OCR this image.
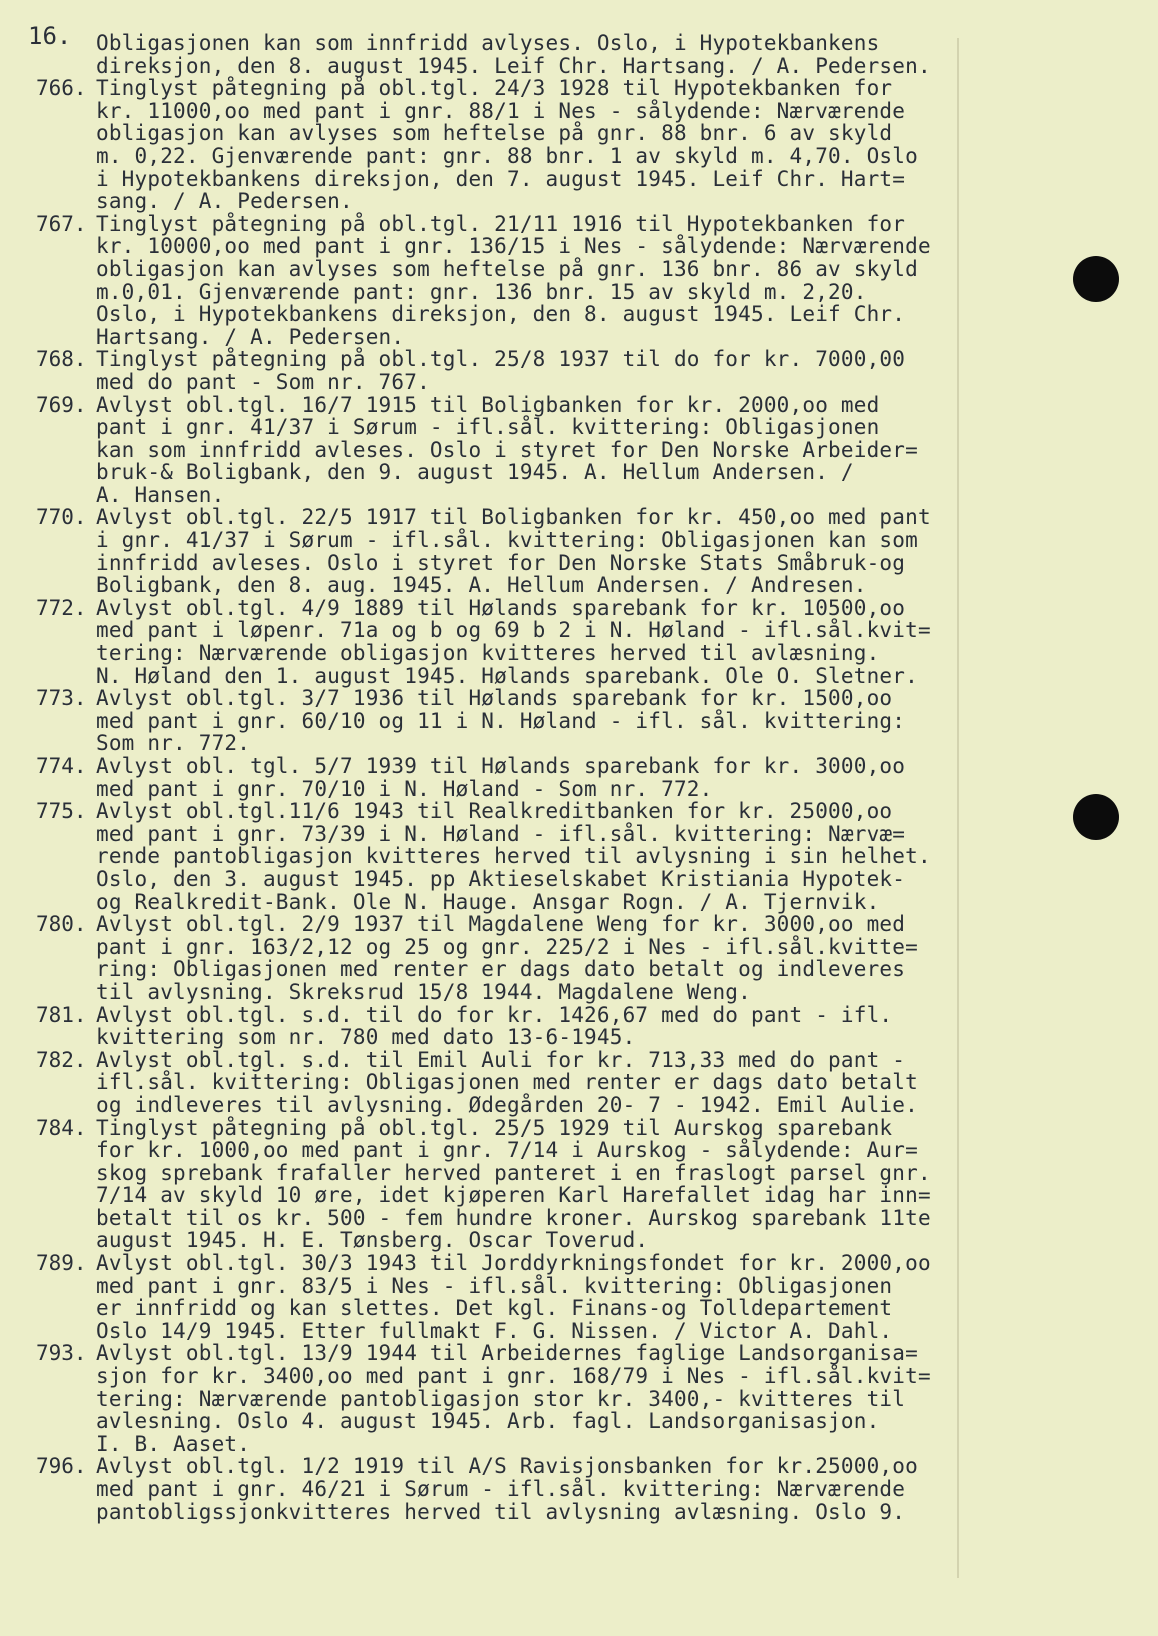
16. Obligasjonen kan som innfridd avlyses. Oslo, i Hypotekbankens
direksjon, den 8. august 1945. Leif Chr. Hartsang. / A. Pedersen.
766. Tinglyst påtegning på obl.tgl. 24/3 1928 til Hypotekbanken for
kr. 11000,oo med pant i gnr. 88/1 i Nes - sålydende: Nærværende
obligasjon kan avlyses som heftelse på gnr. 88 bnr. 6 av skyld
m. 0,22. Gjenværende pant: gnr. 88 bnr. 1 av skyld m. 4,70. Oslo
i Hypotekbankens direksjon, den 7. august 1945. Leif Chr. Hart=
sang. / A. Pedersen.
767. Tinglyst påtegning på obl.tgl. 21/11 1916 til Hypotekbanken for
kr. 10000,oo med pant i gnr. 136/15 i Nes - sålydende: Nærværende
obligasjon kan avlyses som heftelse på gnr. 136 bnr. 86 av skyld
m.0,01. Gjenværende pant: gnr. 136 bnr. 15 av skyld m. 2,20.
Oslo, i Hypotekbankens direksjon, den 8. august 1945. Leif Chr.
Hartsang. / A. Pedersen.
768. Tinglyst påtegning på obl.tgl. 25/8 1937 til do for kr. 7000,00
med do pant - Som nr. 767.
769. Avlyst obl.tgl. 16/7 1915 til Boligbanken for kr. 2000,oo med
pant i gnr. 41/37 i Sørum - ifl.sål. kvittering: Obligasjonen
kan som innfridd avleses. Oslo i styret for Den Norske Arbeider=
bruk-& Boligbank, den 9. august 1945. A. Hellum Andersen. /
A. Hansen.
770. Avlyst obl.tgl. 22/5 1917 til Boligbanken for kr. 450,oo med pant
i gnr. 41/37 i Sørum - ifl.sål. kvittering: Obligasjonen kan som
innfridd avleses. Oslo i styret for Den Norske Stats Småbruk-og
Boligbank, den 8. aug. 1945. A. Hellum Andersen. / Andresen.
772. Avlyst obl.tgl. 4/9 1889 til Hølands sparebank for kr. 10500,oo
med pant i løpenr. 71a og b og 69 b 2 i N. Høland - ifl.sål.kvit=
tering: Nærværende obligasjon kvitteres herved til avlæsning.
N. Høland den 1. august 1945. Hølands sparebank. Ole O. Sletner.
773. Avlyst obl.tgl. 3/7 1936 til Hølands sparebank for kr. 1500,oo
med pant i gnr. 60/10 og 11 i N. Høland - ifl. sål. kvittering:
Som nr. 772.
774. Avlyst obl. tgl. 5/7 1939 til Hølands sparebank for kr. 3000,oo
med pant i gnr. 70/10 i N. Høland - Som nr. 772.
775. Avlyst obl.tgl.11/6 1943 til Realkreditbanken for kr. 25000,oo
med pant i gnr. 73/39 i N. Høland - ifl.sål. kvittering: Nærvæ=
rende pantobligasjon kvitteres herved til avlysning i sin helhet.
Oslo, den 3. august 1945. pp Aktieselskabet Kristiania Hypotek-
og Realkredit-Bank. Ole N. Hauge. Ansgar Rogn. / A. Tjernvik.
780. Avlyst obl.tgl. 2/9 1937 til Magdalene Weng for kr. 3000,oo med
pant i gnr. 163/2,12 og 25 og gnr. 225/2 i Nes - ifl.sål.kvitte=
ring: Obligasjonen med renter er dags dato betalt og indleveres
til avlysning. Skreksrud 15/8 1944. Magdalene Weng.
781. Avlyst obl.tgl. s.d. til do for kr. 1426,67 med do pant - ifl.
kvittering som nr. 780 med dato 13-6-1945.
782. Avlyst obl.tgl. s.d. til Emil Auli for kr. 713,33 med do pant -
ifl.sål. kvittering: Obligasjonen med renter er dags dato betalt
og indleveres til avlysning. Ødegården 20- 7 - 1942. Emil Aulie.
784. Tinglyst påtegning på obl.tgl. 25/5 1929 til Aurskog sparebank
for kr. 1000,oo med pant i gnr. 7/14 i Aurskog - sålydende: Aur=
skog sprebank frafaller herved panteret i en fraslogt parsel gnr.
7/14 av skyld 10 øre, idet kjøperen Karl Harefallet idag har inn=
betalt til os kr. 500 - fem hundre kroner. Aurskog sparebank 11te
august 1945. H. E. Tønsberg. Oscar Toverud.
789. Avlyst obl.tgl. 30/3 1943 til Jorddyrkningsfondet for kr. 2000,oo
med pant i gnr. 83/5 i Nes - ifl.sål. kvittering: Obligasjonen
er innfridd og kan slettes. Det kgl. Finans-og Tolldepartement
Oslo 14/9 1945. Etter fullmakt F. G. Nissen. / Victor A. Dahl.
793. Avlyst obl.tgl. 13/9 1944 til Arbeidernes faglige Landsorganisa=
sjon for kr. 3400,oo med pant i gnr. 168/79 i Nes - ifl.sål.kvit=
tering: Nærværende pantobligasjon stor kr. 3400,- kvitteres til
avlesning. Oslo 4. august 1945. Arb. fagl. Landsorganisasjon.
I. B. Aaset.
796. Avlyst obl.tgl. 1/2 1919 til A/S Ravisjonsbanken for kr.25000,oo
med pant i gnr. 46/21 i Sørum - ifl.sål. kvittering: Nærværende
pantobligssjonkvitteres herved til avlysning avlæsning. Oslo 9.
